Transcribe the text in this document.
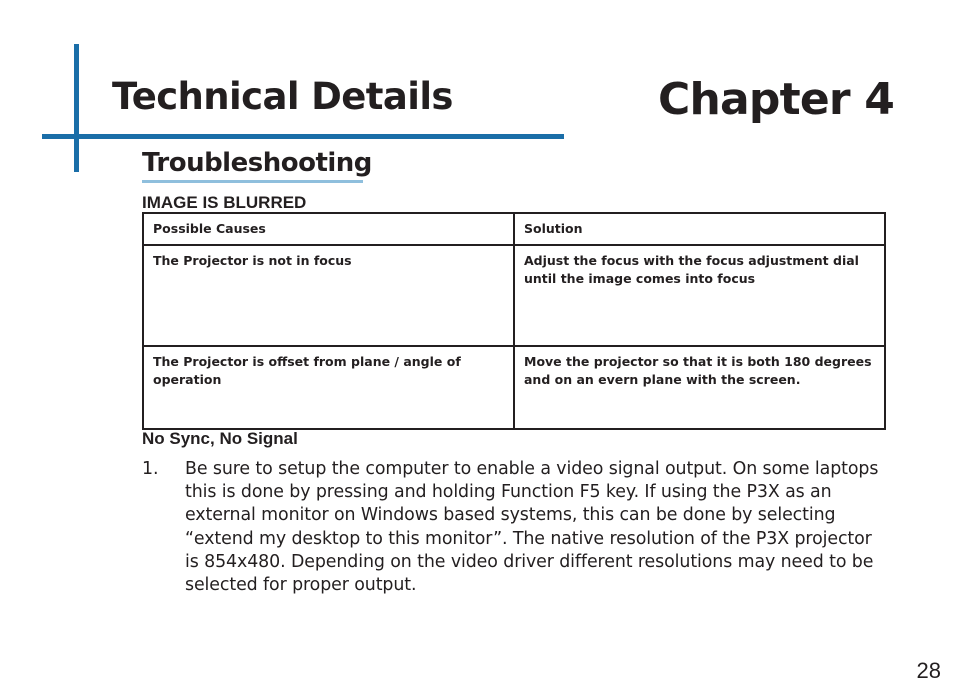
Technical Details	Chapter 4
Troubleshooting
IMAGE IS BLURRED
Possible Causes	Solution
The Projector is not in focus	Adjust the focus with the focus adjustment dial until the image comes into focus
The Projector is offset from plane / angle of operation	Move the projector so that it is both 180 degrees and on an evern plane with the screen.
No Sync, No Signal
1. Be sure to setup the computer to enable a video signal output. On some laptops this is done by pressing and holding Function F5 key. If using the P3X as an external monitor on Windows based systems, this can be done by selecting “extend my desktop to this monitor”. The native resolution of the P3X projector is 854x480. Depending on the video driver different resolutions may need to be selected for proper output.
28
